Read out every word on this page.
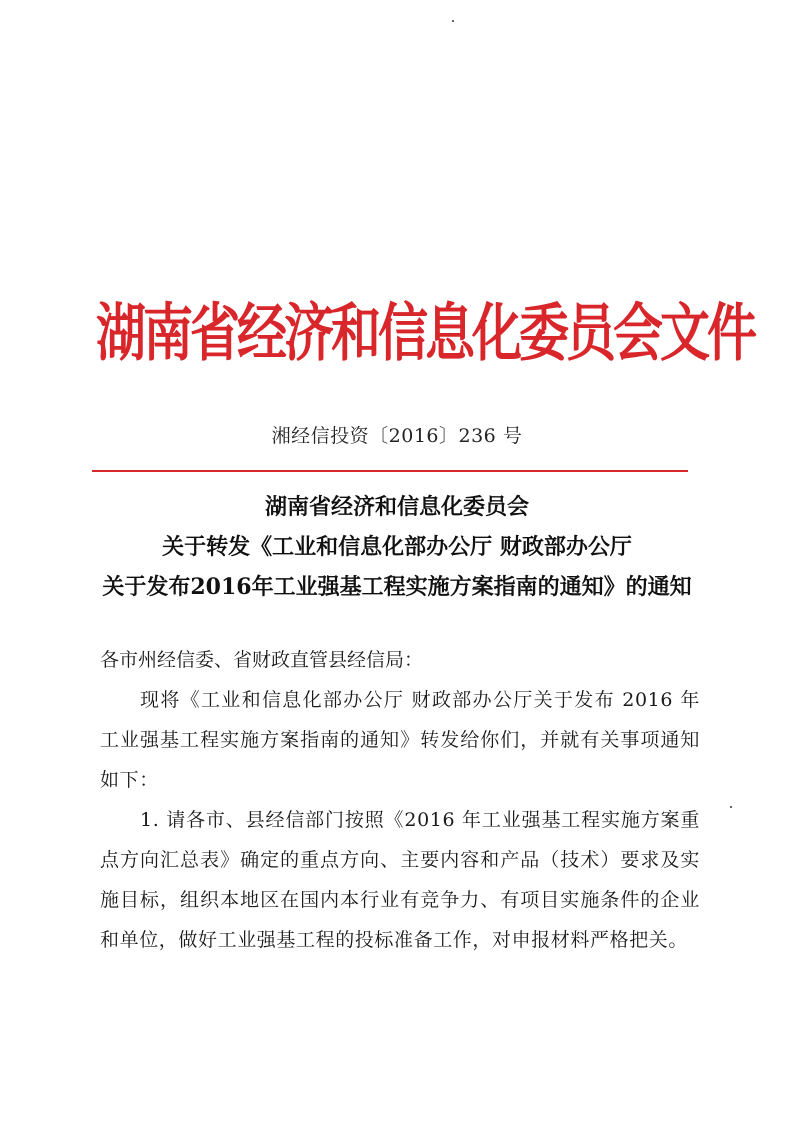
湖南省经济和信息化委员会文件
湘经信投资〔2016〕236 号
湖南省经济和信息化委员会
关于转发《工业和信息化部办公厅 财政部办公厅
关于发布2016年工业强基工程实施方案指南的通知》的通知
各市州经信委、省财政直管县经信局：
现将《工业和信息化部办公厅 财政部办公厅关于发布 2016 年工业强基工程实施方案指南的通知》转发给你们，并就有关事项通知如下：
1. 请各市、县经信部门按照《2016 年工业强基工程实施方案重点方向汇总表》确定的重点方向、主要内容和产品（技术）要求及实施目标，组织本地区在国内本行业有竞争力、有项目实施条件的企业和单位，做好工业强基工程的投标准备工作，对申报材料严格把关。
